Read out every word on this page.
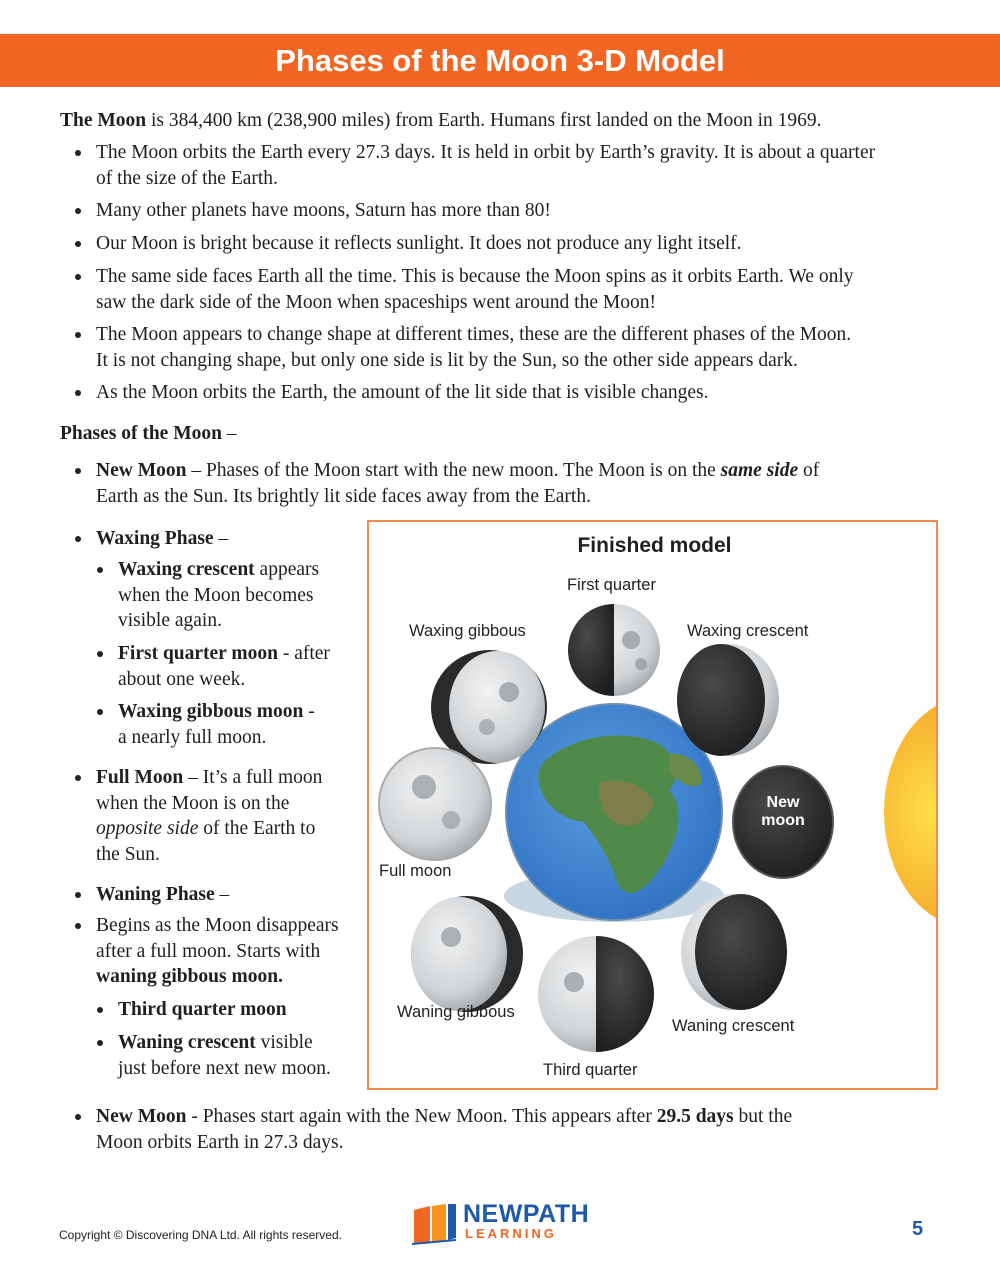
Phases of the Moon 3-D Model

The Moon is 384,400 km (238,900 miles) from Earth. Humans first landed on the Moon in 1969.

The Moon orbits the Earth every 27.3 days. It is held in orbit by Earth’s gravity. It is about a quarter
of the size of the Earth.
Many other planets have moons, Saturn has more than 80!
Our Moon is bright because it reflects sunlight. It does not produce any light itself.
The same side faces Earth all the time. This is because the Moon spins as it orbits Earth. We only
saw the dark side of the Moon when spaceships went around the Moon!
The Moon appears to change shape at different times, these are the different phases of the Moon.
It is not changing shape, but only one side is lit by the Sun, so the other side appears dark.
As the Moon orbits the Earth, the amount of the lit side that is visible changes.

Phases of the Moon –

New Moon – Phases of the Moon start with the new moon. The Moon is on the same side of
Earth as the Sun. Its brightly lit side faces away from the Earth.
Waxing Phase –
Waxing crescent appears
when the Moon becomes
visible again.
First quarter moon - after
about one week.
Waxing gibbous moon -
a nearly full moon.
Full Moon – It’s a full moon
when the Moon is on the
opposite side of the Earth to
the Sun.
Waning Phase –
Begins as the Moon disappears
after a full moon. Starts with
waning gibbous moon.
Third quarter moon
Waning crescent visible
just before next new moon.
New Moon - Phases start again with the New Moon. This appears after 29.5 days but the
Moon orbits Earth in 27.3 days.
Finished model
First quarter
Waxing gibbous	Waxing crescent
New
moon
Full moon
Waning gibbous
Waning crescent
Third quarter
Copyright © Discovering DNA Ltd. All rights reserved.
NEWPATH
LEARNING	5
